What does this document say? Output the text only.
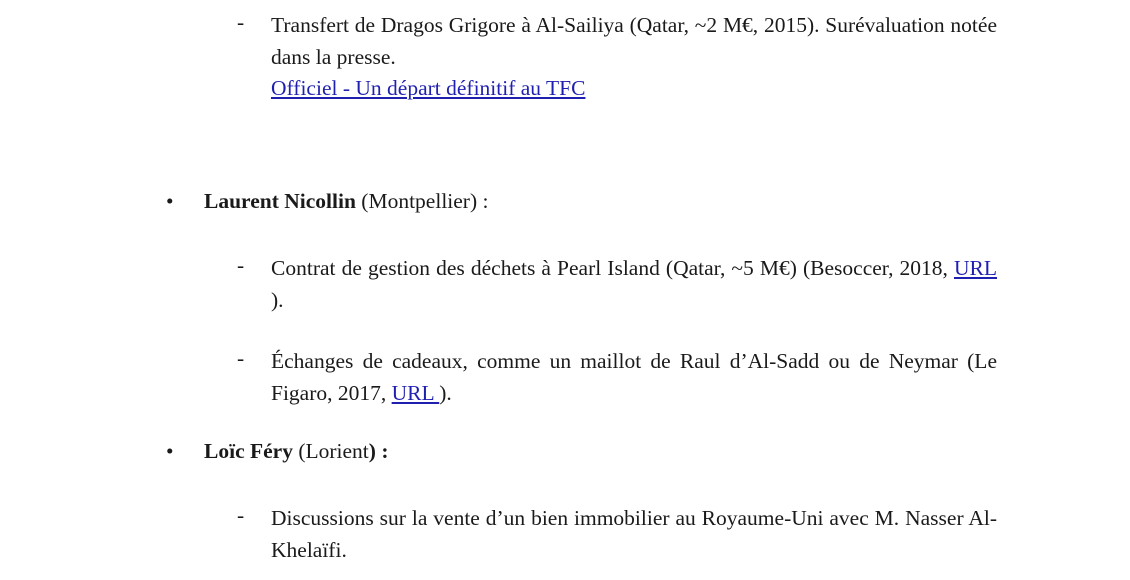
-	Transfert de Dragos Grigore à Al-Sailiya (Qatar, ~2 M€, 2015). Surévaluation notée dans la presse.
Officiel - Un départ définitif au TFC
•	Laurent Nicollin (Montpellier) :
-	Contrat de gestion des déchets à Pearl Island (Qatar, ~5 M€) (Besoccer, 2018, URL ).
-	Échanges de cadeaux, comme un maillot de Raul d’Al-Sadd ou de Neymar (Le Figaro, 2017, URL ).
•	Loïc Féry (Lorient) :
-	Discussions sur la vente d’un bien immobilier au Royaume-Uni avec M. Nasser Al-Khelaïfi.
